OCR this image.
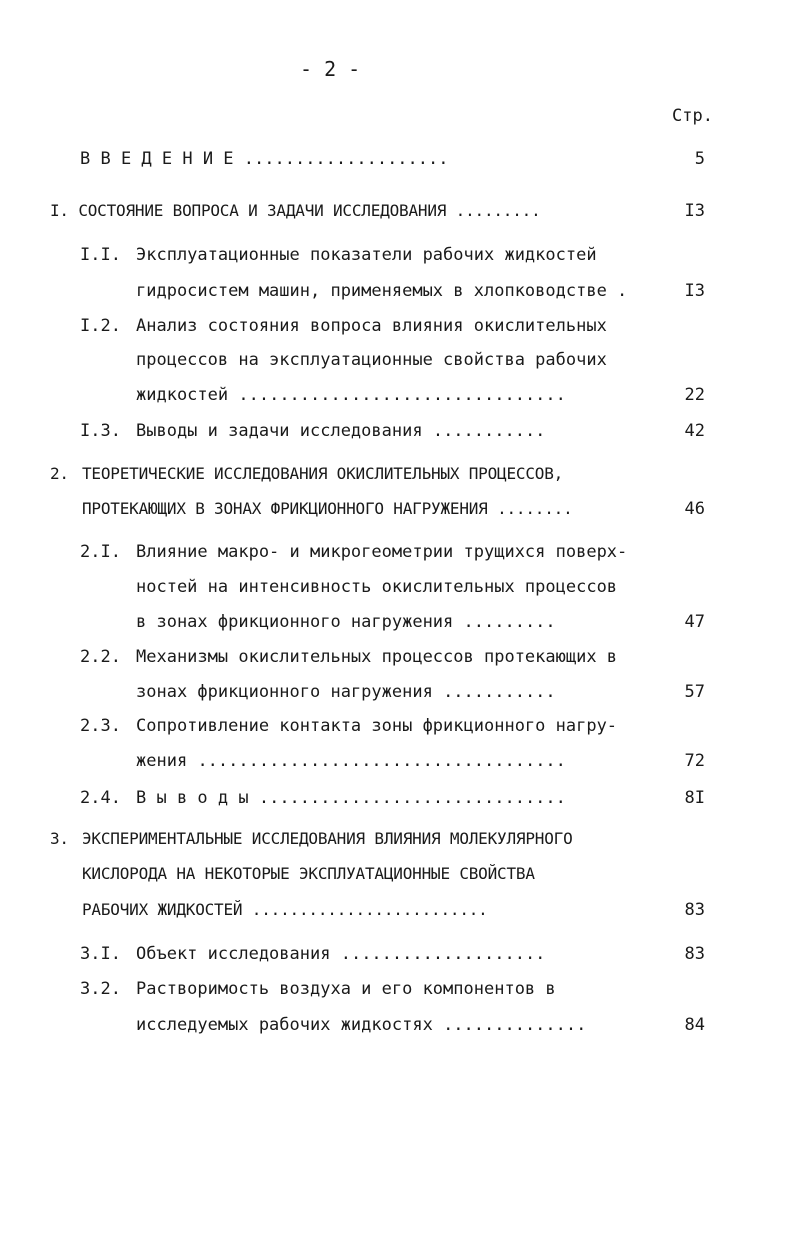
- 2 -
Стр.
В В Е Д Е Н И Е ....................	5
I. СОСТОЯНИЕ ВОПРОСА И ЗАДАЧИ ИССЛЕДОВАНИЯ .........	I3
I.I. Эксплуатационные показатели рабочих жидкостей
гидросистем машин, применяемых в хлопководстве .	I3
I.2. Анализ состояния вопроса влияния окислительных
процессов на эксплуатационные свойства рабочих
жидкостей ................................	22
I.3. Выводы и задачи исследования ...........	42
2. ТЕОРЕТИЧЕСКИЕ ИССЛЕДОВАНИЯ ОКИСЛИТЕЛЬНЫХ ПРОЦЕССОВ,
ПРОТЕКАЮЩИХ В ЗОНАХ ФРИКЦИОННОГО НАГРУЖЕНИЯ ........	46
2.I. Влияние макро- и микрогеометрии трущихся поверх-
ностей на интенсивность окислительных процессов
в зонах фрикционного нагружения .........	47
2.2. Механизмы окислительных процессов протекающих в
зонах фрикционного нагружения ...........	57
2.3. Сопротивление контакта зоны фрикционного нагру-
жения ....................................	72
2.4. В ы в о д ы ..............................	8I
3. ЭКСПЕРИМЕНТАЛЬНЫЕ ИССЛЕДОВАНИЯ ВЛИЯНИЯ МОЛЕКУЛЯРНОГО
КИСЛОРОДА НА НЕКОТОРЫЕ ЭКСПЛУАТАЦИОННЫЕ СВОЙСТВА
РАБОЧИХ ЖИДКОСТЕЙ .........................	83
3.I. Объект исследования ....................	83
3.2. Растворимость воздуха и его компонентов в
исследуемых рабочих жидкостях ..............	84
